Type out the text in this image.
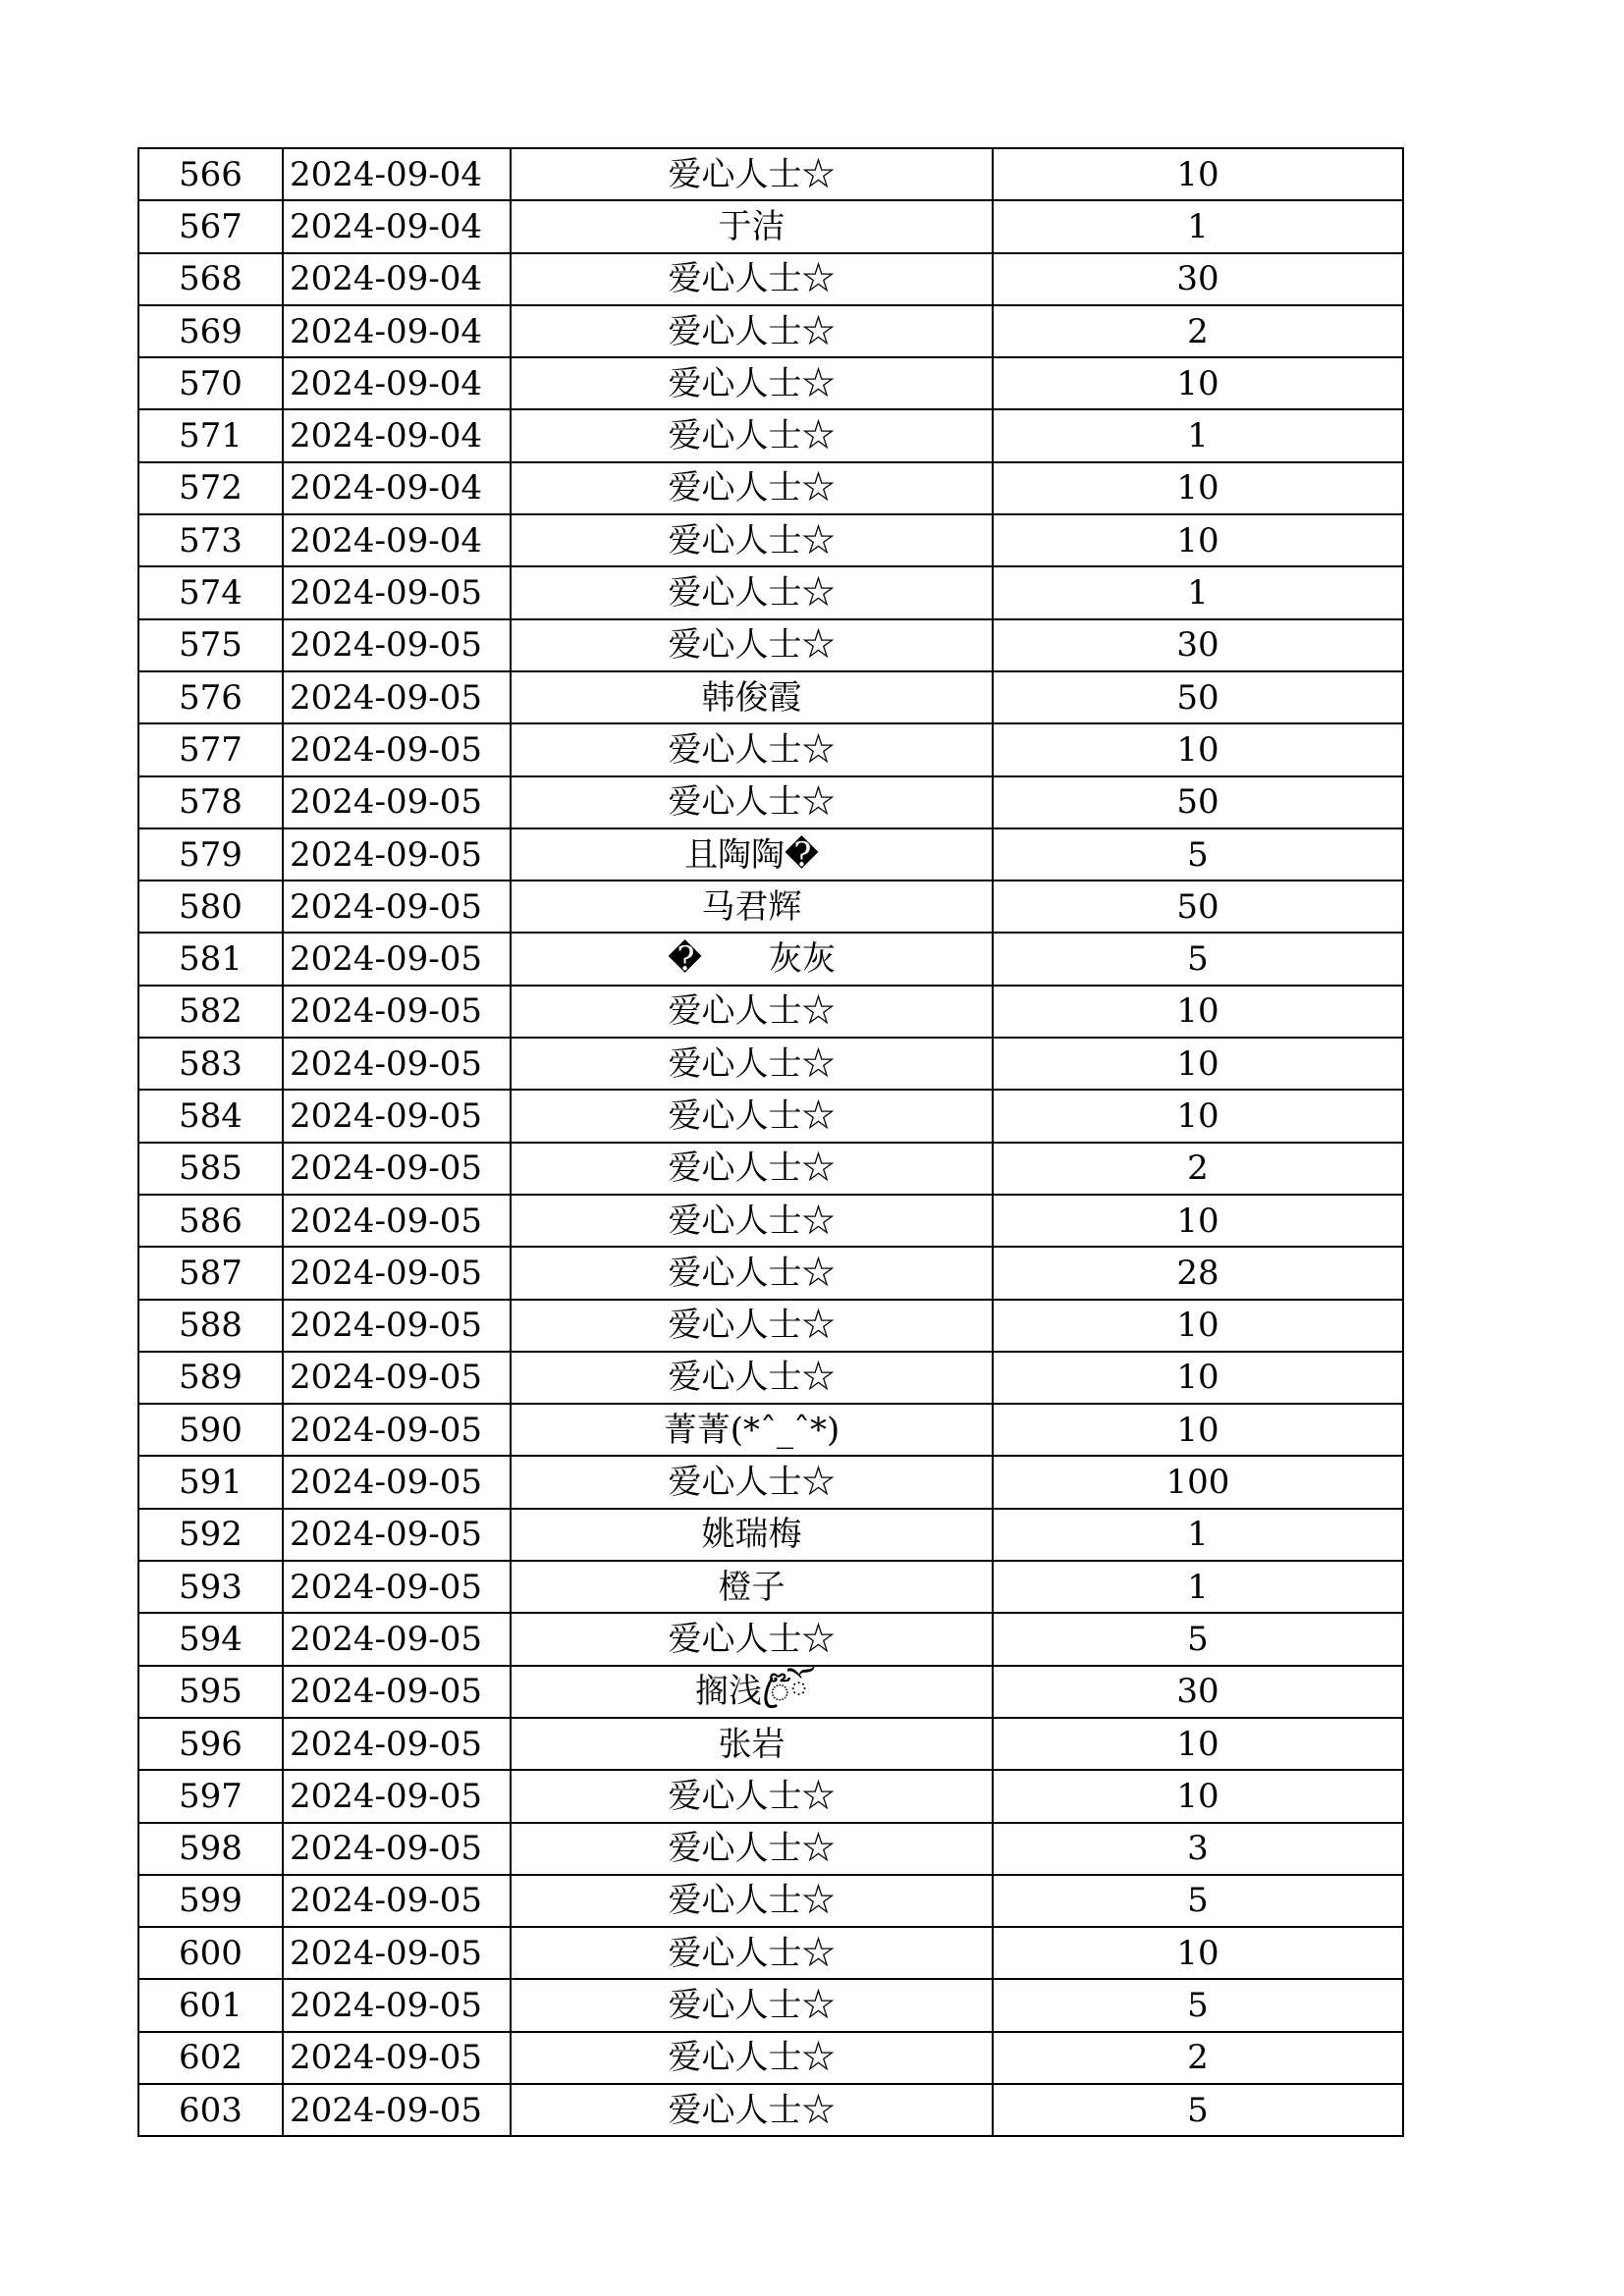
566	2024-09-04	爱心人士☆	10
567	2024-09-04	于洁	1
568	2024-09-04	爱心人士☆	30
569	2024-09-04	爱心人士☆	2
570	2024-09-04	爱心人士☆	10
571	2024-09-04	爱心人士☆	1
572	2024-09-04	爱心人士☆	10
573	2024-09-04	爱心人士☆	10
574	2024-09-05	爱心人士☆	1
575	2024-09-05	爱心人士☆	30
576	2024-09-05	韩俊霞	50
577	2024-09-05	爱心人士☆	10
578	2024-09-05	爱心人士☆	50
579	2024-09-05	且陶陶�	5
580	2024-09-05	马君辉	50
581	2024-09-05	�　　灰灰	5
582	2024-09-05	爱心人士☆	10
583	2024-09-05	爱心人士☆	10
584	2024-09-05	爱心人士☆	10
585	2024-09-05	爱心人士☆	2
586	2024-09-05	爱心人士☆	10
587	2024-09-05	爱心人士☆	28
588	2024-09-05	爱心人士☆	10
589	2024-09-05	爱心人士☆	10
590	2024-09-05	菁菁(*ˆ_ˆ*)	10
591	2024-09-05	爱心人士☆	100
592	2024-09-05	姚瑞梅	1
593	2024-09-05	橙子	1
594	2024-09-05	爱心人士☆	5
595	2024-09-05	搁浅ꦿ໊ོ	30
596	2024-09-05	张岩	10
597	2024-09-05	爱心人士☆	10
598	2024-09-05	爱心人士☆	3
599	2024-09-05	爱心人士☆	5
600	2024-09-05	爱心人士☆	10
601	2024-09-05	爱心人士☆	5
602	2024-09-05	爱心人士☆	2
603	2024-09-05	爱心人士☆	5
